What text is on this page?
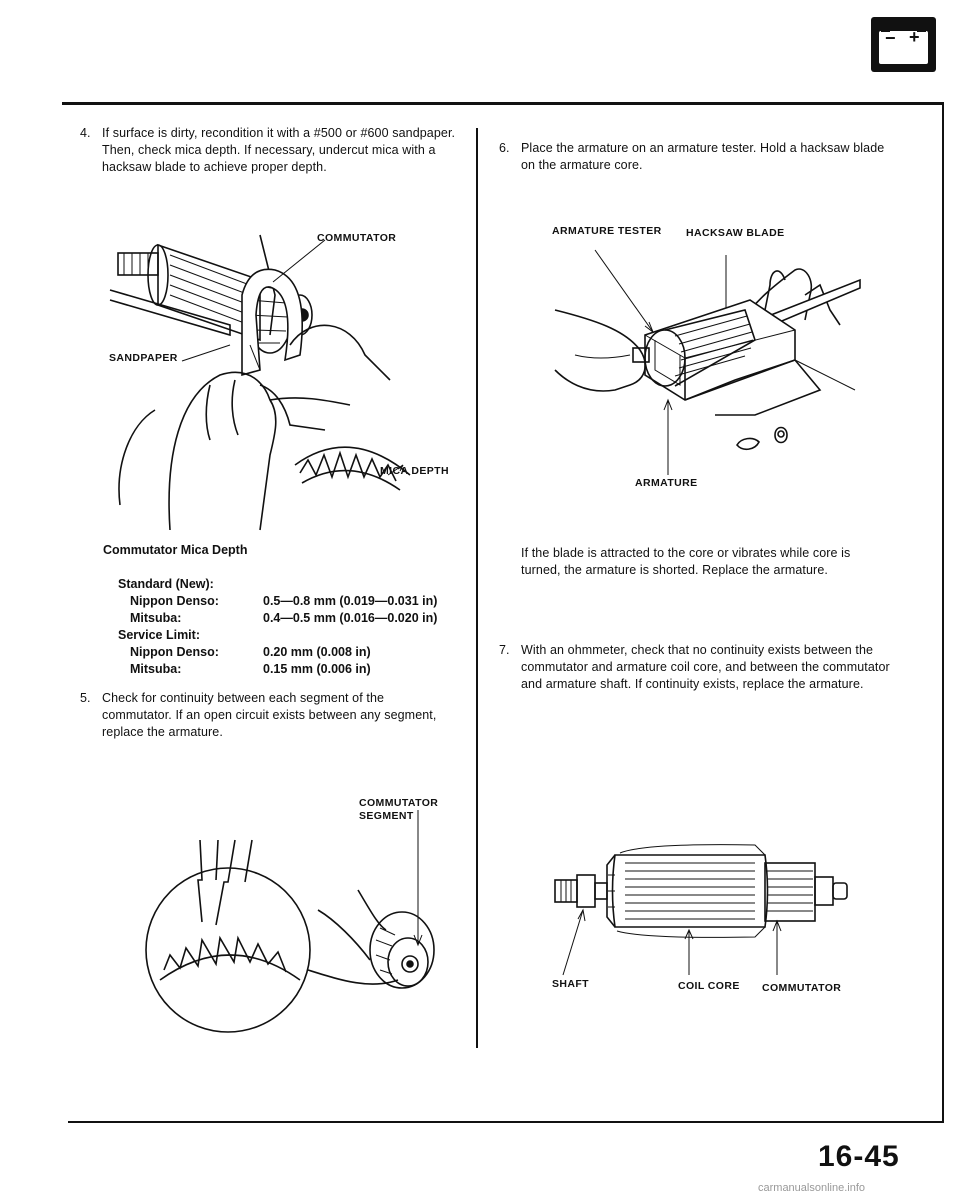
− +
4. If surface is dirty, recondition it with a #500 or #600 sandpaper. Then, check mica depth. If necessary, undercut mica with a hacksaw blade to achieve proper depth.
COMMUTATOR
SANDPAPER
MICA DEPTH
Commutator Mica Depth
Standard (New):
Nippon Denso:	0.5—0.8 mm (0.019—0.031 in)
Mitsuba:	0.4—0.5 mm (0.016—0.020 in)
Service Limit:
Nippon Denso:	0.20 mm (0.008 in)
Mitsuba:	0.15 mm (0.006 in)
5. Check for continuity between each segment of the commutator. If an open circuit exists between any segment, replace the armature.
COMMUTATOR
SEGMENT
6. Place the armature on an armature tester. Hold a hacksaw blade on the armature core.
ARMATURE TESTER HACKSAW BLADE
ARMATURE
If the blade is attracted to the core or vibrates while core is turned, the armature is shorted. Replace the armature.
7. With an ohmmeter, check that no continuity exists between the commutator and armature coil core, and between the commutator and armature shaft. If continuity exists, replace the armature.
SHAFT	COIL CORE COMMUTATOR
16-45
carmanualsonline.info
